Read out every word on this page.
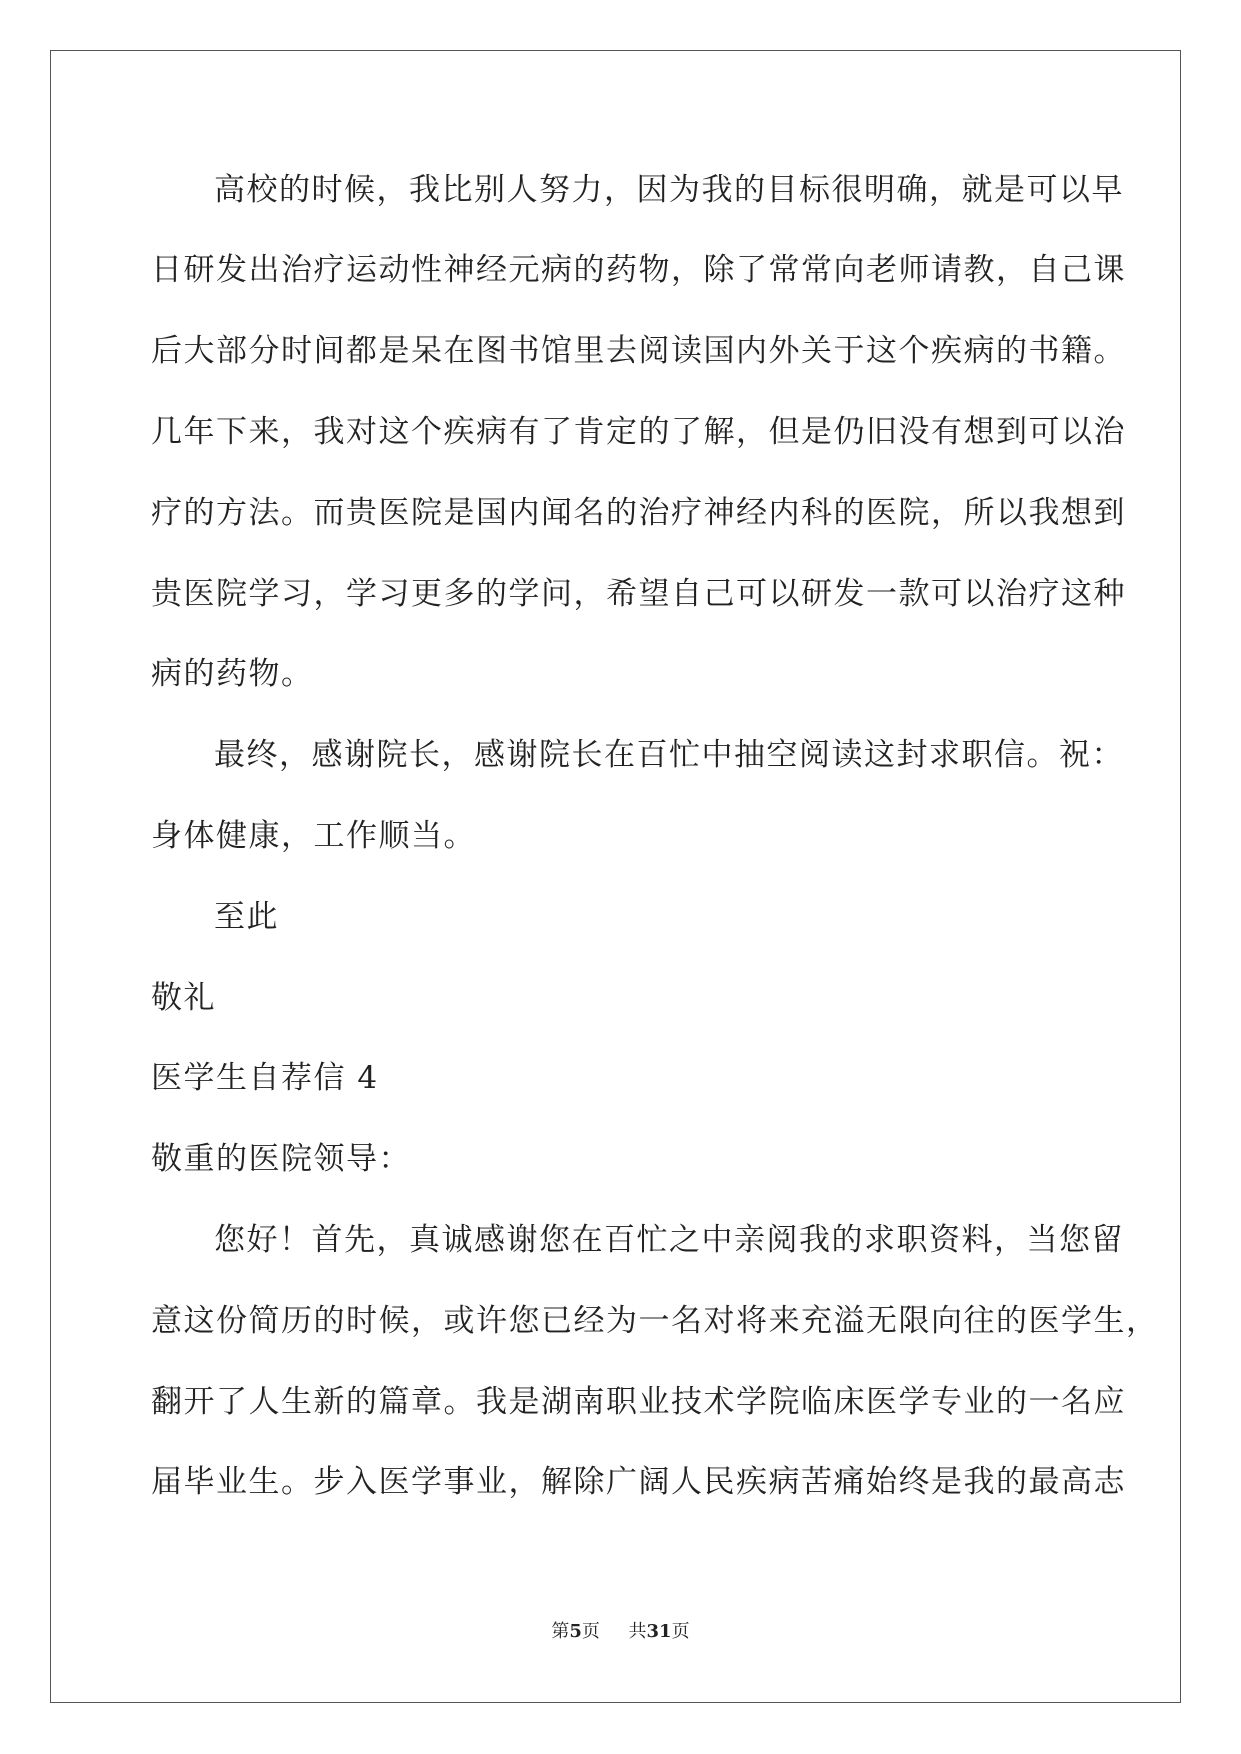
高校的时候，我比别人努力，因为我的目标很明确，就是可以早
日研发出治疗运动性神经元病的药物，除了常常向老师请教，自己课
后大部分时间都是呆在图书馆里去阅读国内外关于这个疾病的书籍。
几年下来，我对这个疾病有了肯定的了解，但是仍旧没有想到可以治
疗的方法。而贵医院是国内闻名的治疗神经内科的医院，所以我想到
贵医院学习，学习更多的学问，希望自己可以研发一款可以治疗这种
病的药物。
最终，感谢院长，感谢院长在百忙中抽空阅读这封求职信。祝：
身体健康，工作顺当。
至此
敬礼
医学生自荐信 4
敬重的医院领导：
您好！首先，真诚感谢您在百忙之中亲阅我的求职资料，当您留
意这份简历的时候，或许您已经为一名对将来充溢无限向往的医学生，
翻开了人生新的篇章。我是湖南职业技术学院临床医学专业的一名应
届毕业生。步入医学事业，解除广阔人民疾病苦痛始终是我的最高志
第5页 共31页
